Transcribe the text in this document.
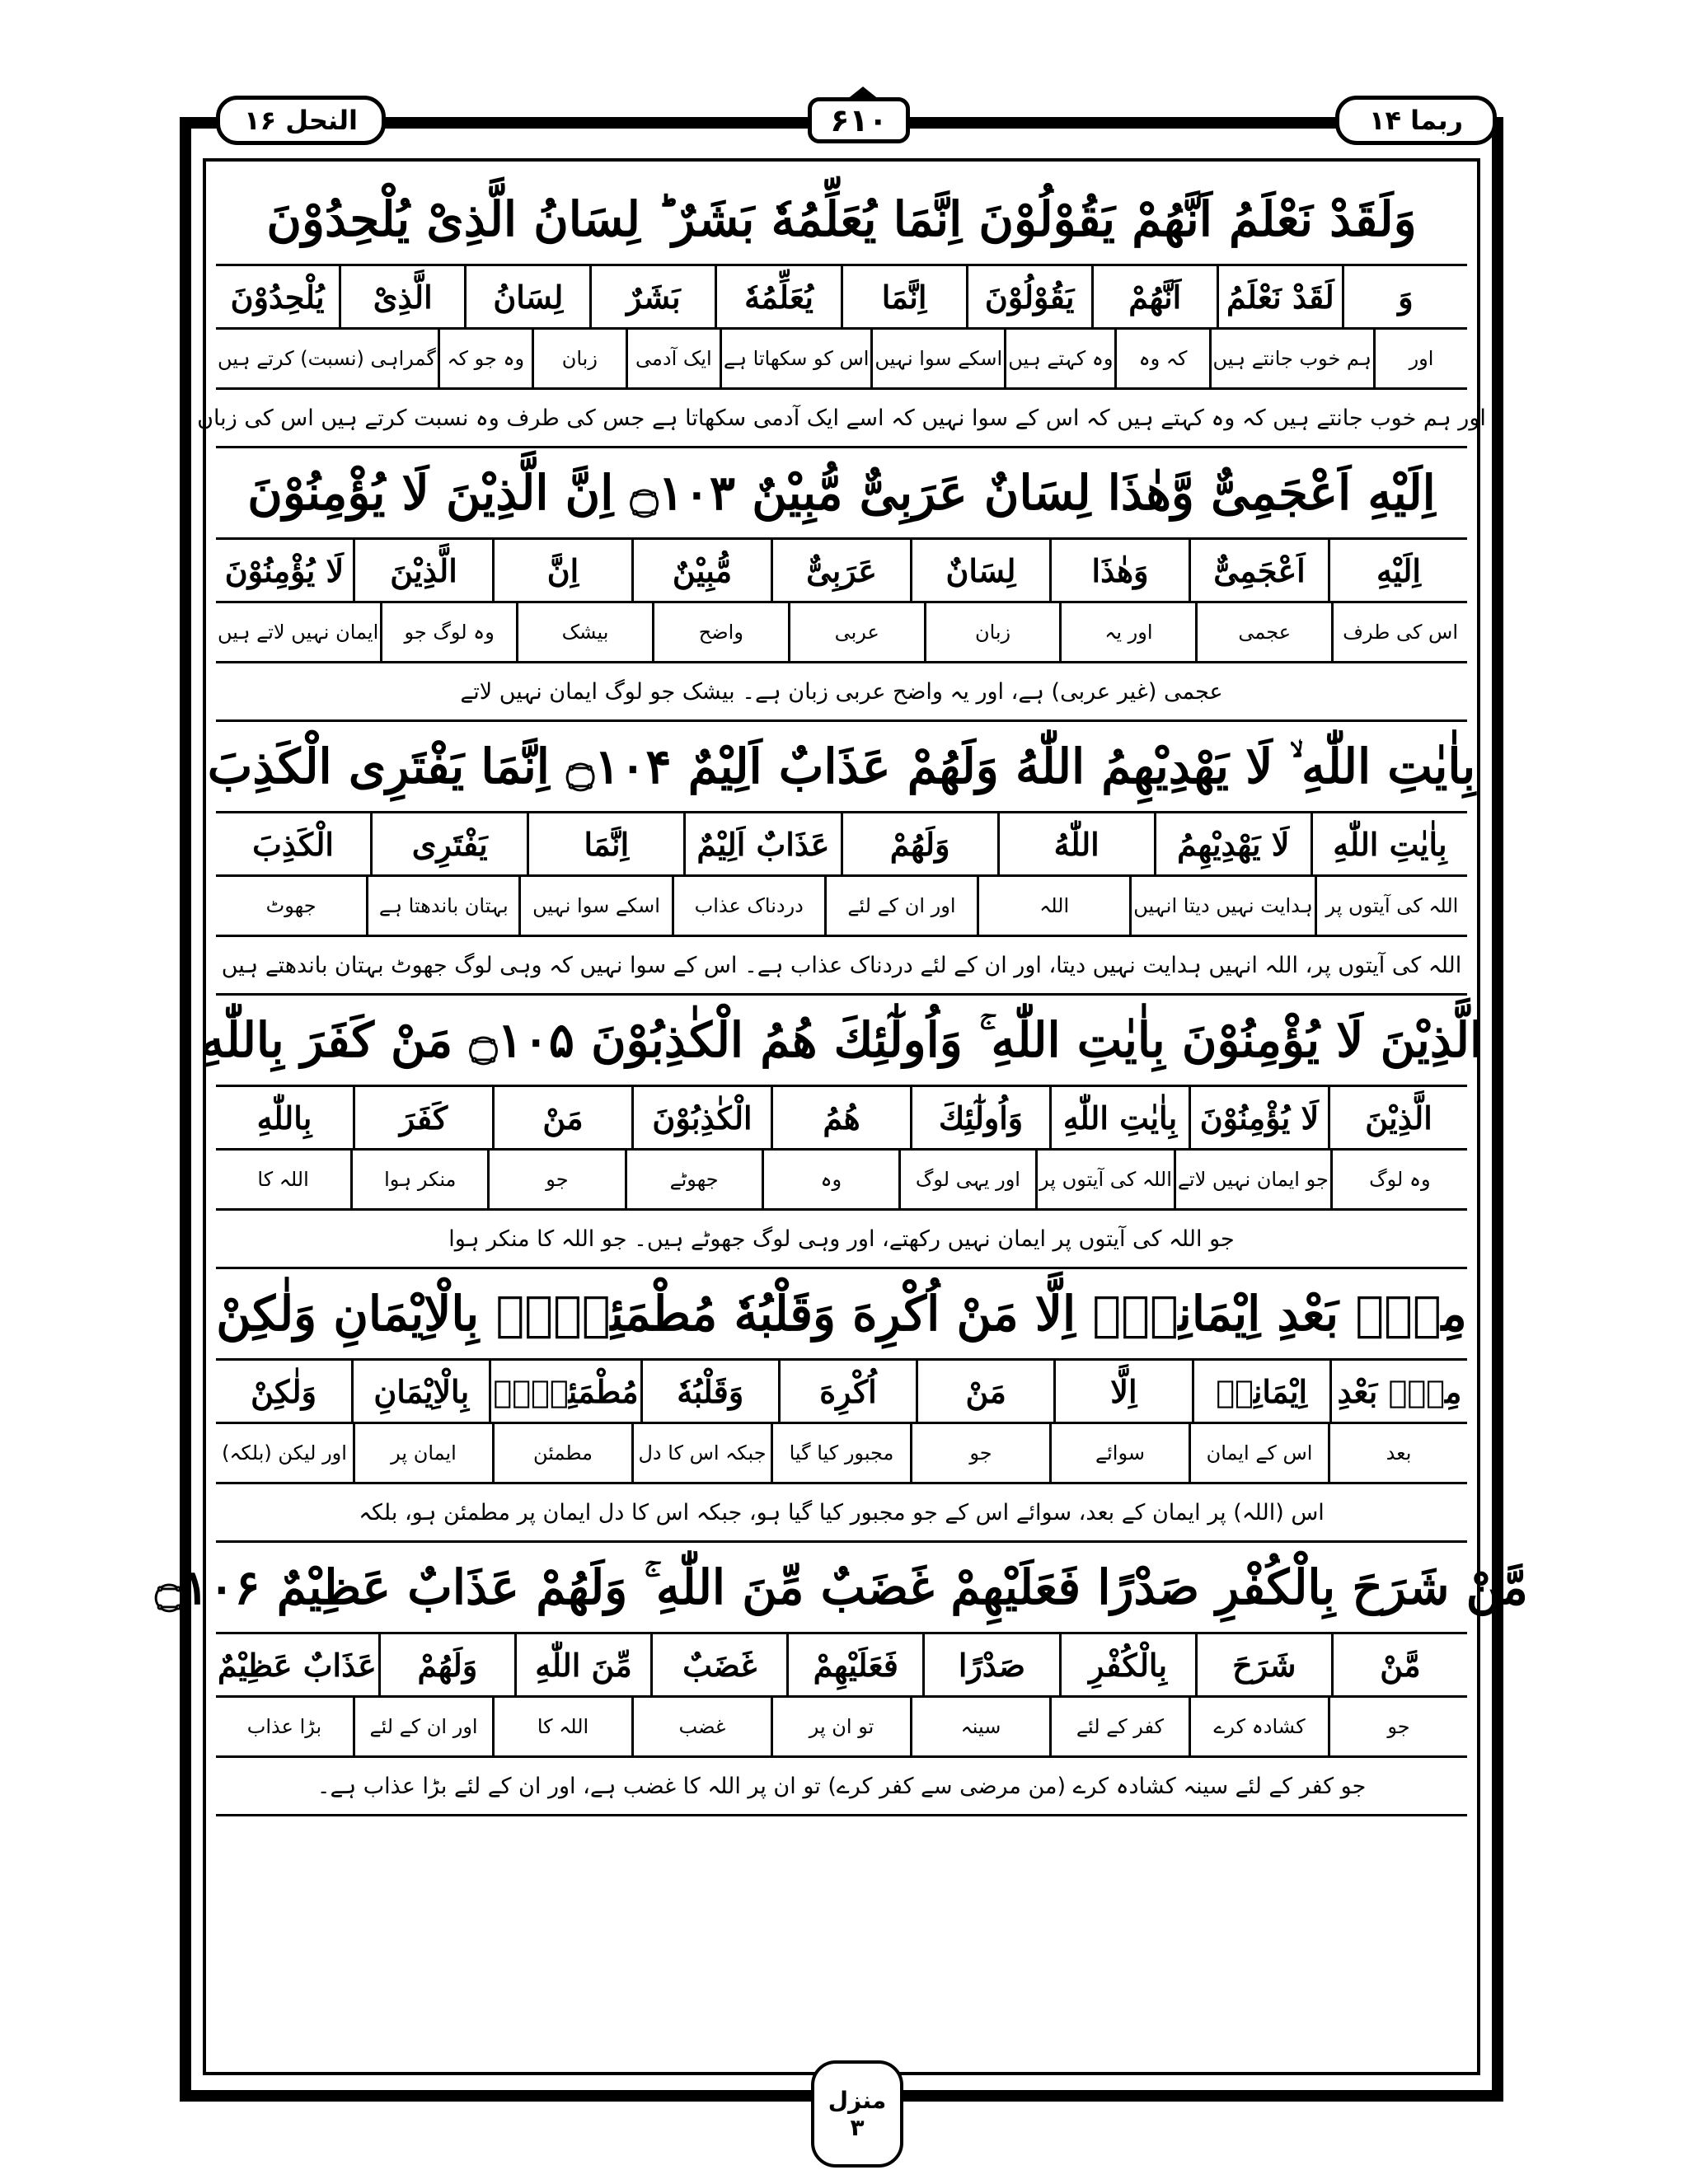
النحل ۱۶	۶۱۰	ربما ۱۴
وَلَقَدْ نَعْلَمُ اَنَّهُمْ يَقُوْلُوْنَ اِنَّمَا يُعَلِّمُهٗ بَشَرٌ ؕ لِسَانُ الَّذِیْ يُلْحِدُوْنَ
وَ
لَقَدْ نَعْلَمُ
اَنَّهُمْ
يَقُوْلُوْنَ
اِنَّمَا
يُعَلِّمُهٗ
بَشَرٌ
لِسَانُ
الَّذِیْ
يُلْحِدُوْنَ
اور
ہم خوب جانتے ہیں
کہ وہ
وہ کہتے ہیں
اسکے سوا نہیں
اس کو سکھاتا ہے
ایک آدمی
زبان
وہ جو کہ
گمراہی (نسبت) کرتے ہیں
اور ہم خوب جانتے ہیں کہ وہ کہتے ہیں کہ اس کے سوا نہیں کہ اسے ایک آدمی سکھاتا ہے جس کی طرف وہ نسبت کرتے ہیں اس کی زبان
اِلَيْهِ اَعْجَمِیٌّ وَّهٰذَا لِسَانٌ عَرَبِیٌّ مُّبِيْنٌ ۝۱۰۳ اِنَّ الَّذِيْنَ لَا يُؤْمِنُوْنَ
اِلَيْهِ
اَعْجَمِیٌّ
وَهٰذَا
لِسَانٌ
عَرَبِیٌّ
مُّبِيْنٌ
اِنَّ
الَّذِيْنَ
لَا يُؤْمِنُوْنَ
اس کی طرف
عجمی
اور یہ
زبان
عربی
واضح
بیشک
وہ لوگ جو
ایمان نہیں لاتے ہیں
عجمی (غیر عربی) ہے، اور یہ واضح عربی زبان ہے۔ بیشک جو لوگ ایمان نہیں لاتے
بِاٰيٰتِ اللّٰهِ ۙ لَا يَهْدِيْهِمُ اللّٰهُ وَلَهُمْ عَذَابٌ اَلِيْمٌ ۝۱۰۴ اِنَّمَا يَفْتَرِی الْكَذِبَ
بِاٰيٰتِ اللّٰهِ
لَا يَهْدِيْهِمُ
اللّٰهُ
وَلَهُمْ
عَذَابٌ اَلِيْمٌ
اِنَّمَا
يَفْتَرِی
الْكَذِبَ
اللہ کی آیتوں پر
ہدایت نہیں دیتا انہیں
اللہ
اور ان کے لئے
دردناک عذاب
اسکے سوا نہیں
بہتان باندھتا ہے
جھوٹ
اللہ کی آیتوں پر، اللہ انہیں ہدایت نہیں دیتا، اور ان کے لئے دردناک عذاب ہے۔ اس کے سوا نہیں کہ وہی لوگ جھوٹ بہتان باندھتے ہیں
الَّذِيْنَ لَا يُؤْمِنُوْنَ بِاٰيٰتِ اللّٰهِ ۚ وَاُولٰٓئِكَ هُمُ الْكٰذِبُوْنَ ۝۱۰۵ مَنْ كَفَرَ بِاللّٰهِ
الَّذِيْنَ
لَا يُؤْمِنُوْنَ
بِاٰيٰتِ اللّٰهِ
وَاُولٰٓئِكَ
هُمُ
الْكٰذِبُوْنَ
مَنْ
كَفَرَ
بِاللّٰهِ
وہ لوگ
جو ایمان نہیں لاتے
اللہ کی آیتوں پر
اور یہی لوگ
وہ
جھوٹے
جو
منکر ہوا
اللہ کا
جو اللہ کی آیتوں پر ایمان نہیں رکھتے، اور وہی لوگ جھوٹے ہیں۔ جو اللہ کا منکر ہوا
مِنْۢ بَعْدِ اِيْمَانِهٖۤ اِلَّا مَنْ اُكْرِهَ وَقَلْبُهٗ مُطْمَئِنٌّۢ بِالْاِيْمَانِ وَلٰكِنْ
مِنْۢ بَعْدِ
اِيْمَانِهٖ
اِلَّا
مَنْ
اُكْرِهَ
وَقَلْبُهٗ
مُطْمَئِنٌّۢ
بِالْاِيْمَانِ
وَلٰكِنْ
بعد
اس کے ایمان
سوائے
جو
مجبور کیا گیا
جبکہ اس کا دل
مطمئن
ایمان پر
اور لیکن (بلکہ)
اس (اللہ) پر ایمان کے بعد، سوائے اس کے جو مجبور کیا گیا ہو، جبکہ اس کا دل ایمان پر مطمئن ہو، بلکہ
مَّنْ شَرَحَ بِالْكُفْرِ صَدْرًا فَعَلَيْهِمْ غَضَبٌ مِّنَ اللّٰهِ ۚ وَلَهُمْ عَذَابٌ عَظِيْمٌ ۝۱۰۶
مَّنْ
شَرَحَ
بِالْكُفْرِ
صَدْرًا
فَعَلَيْهِمْ
غَضَبٌ
مِّنَ اللّٰهِ
وَلَهُمْ
عَذَابٌ عَظِيْمٌ
جو
کشادہ کرے
کفر کے لئے
سینہ
تو ان پر
غضب
اللہ کا
اور ان کے لئے
بڑا عذاب
جو کفر کے لئے سینہ کشادہ کرے (من مرضی سے کفر کرے) تو ان پر اللہ کا غضب ہے، اور ان کے لئے بڑا عذاب ہے۔
منزل
۳
